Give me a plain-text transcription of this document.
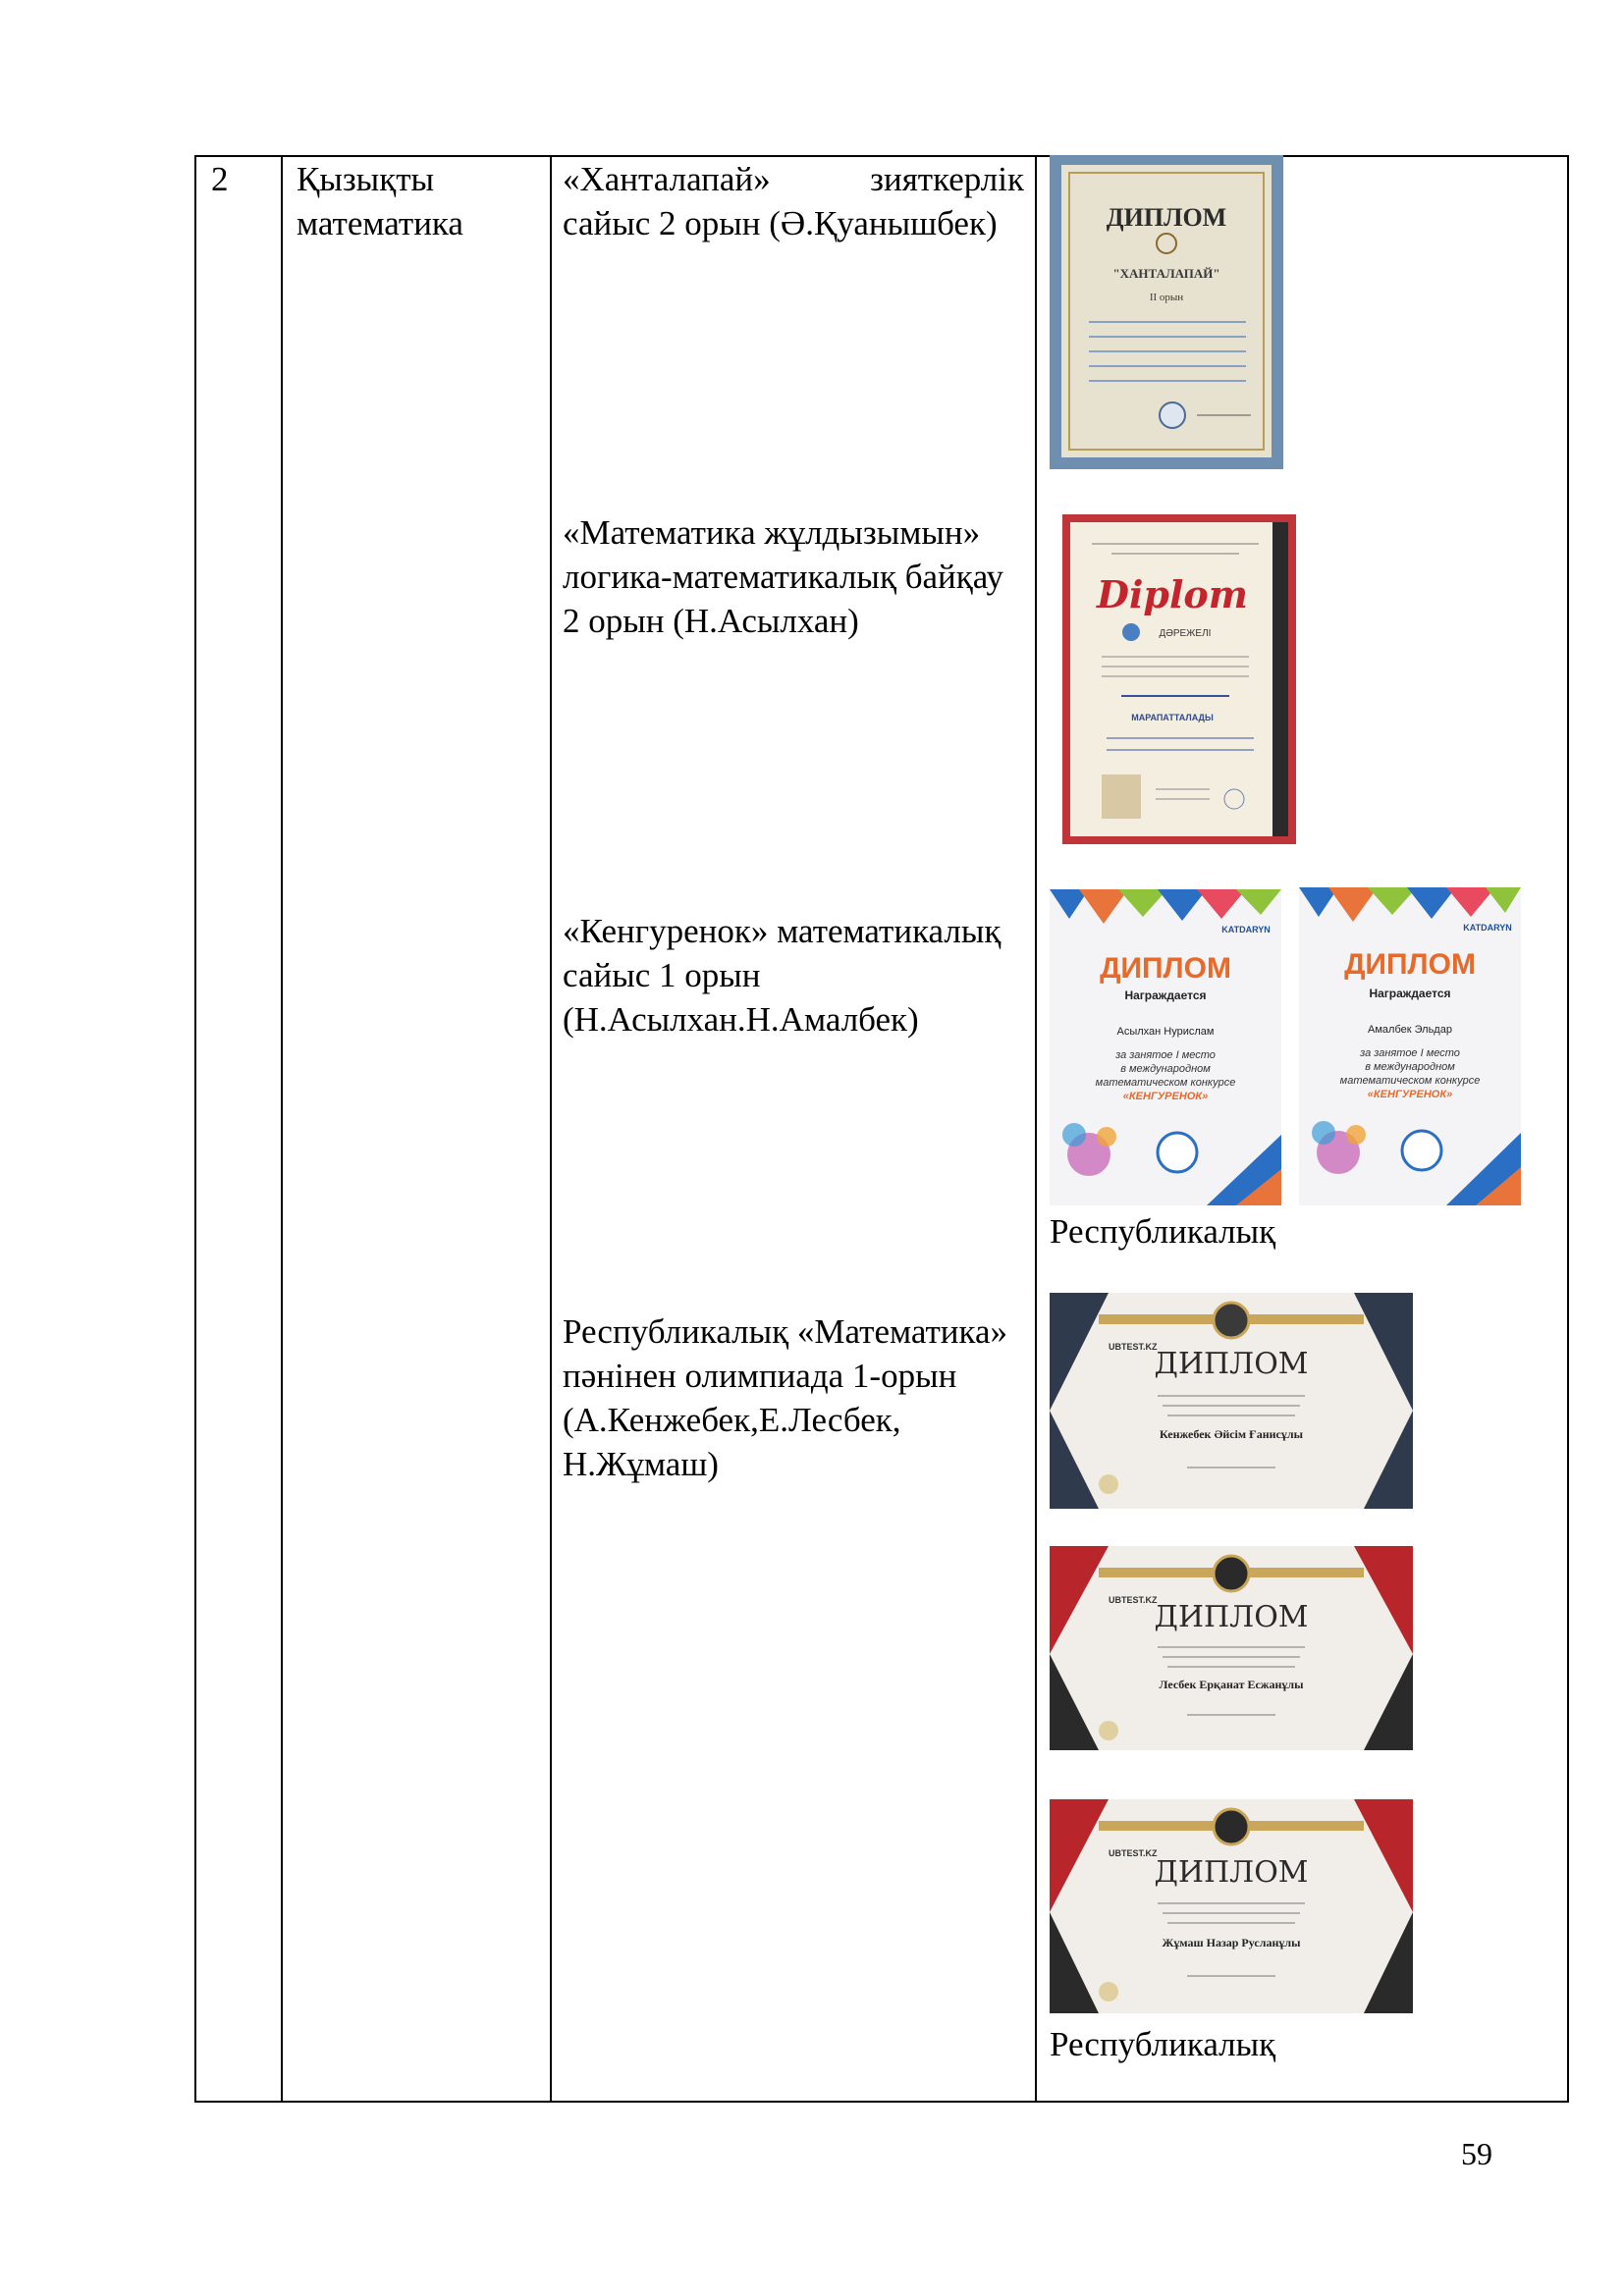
2 Қызықты математика
«Ханталапай» зияткерлік сайыс 2 орын (Ә.Қуанышбек)
«Математика жұлдызымын» логика-математикалық байқау 2 орын (Н.Асылхан)
«Кенгуренок» математикалық сайыс 1 орын (Н.Асылхан.Н.Амалбек)
Республикалық «Математика» пәнінен олимпиада 1-орын (А.Кенжебек,Е.Лесбек, Н.Жұмаш)
ДИПЛОМ
"ХАНТАЛАПАЙ"
II орын
Diplom
ДӘРЕЖЕЛІ
МАРАПАТТАЛАДЫ
KATDARYN
ДИПЛОМ
Награждается
Асылхан Нурислам
за занятое I место
в международном
математическом конкурсе
«КЕНГУРЕНОК»
KATDARYN
ДИПЛОМ
Награждается
Амалбек Эльдар
за занятое I место
в международном
математическом конкурсе
«КЕНГУРЕНОК»
Республикалық
UBTEST.KZ
ДИПЛОМ
Кенжебек Әйсім Ғанисұлы
UBTEST.KZ
ДИПЛОМ
Лесбек Ерқанат Есжанұлы
UBTEST.KZ
ДИПЛОМ
Жұмаш Назар Русланұлы
Республикалық
59
